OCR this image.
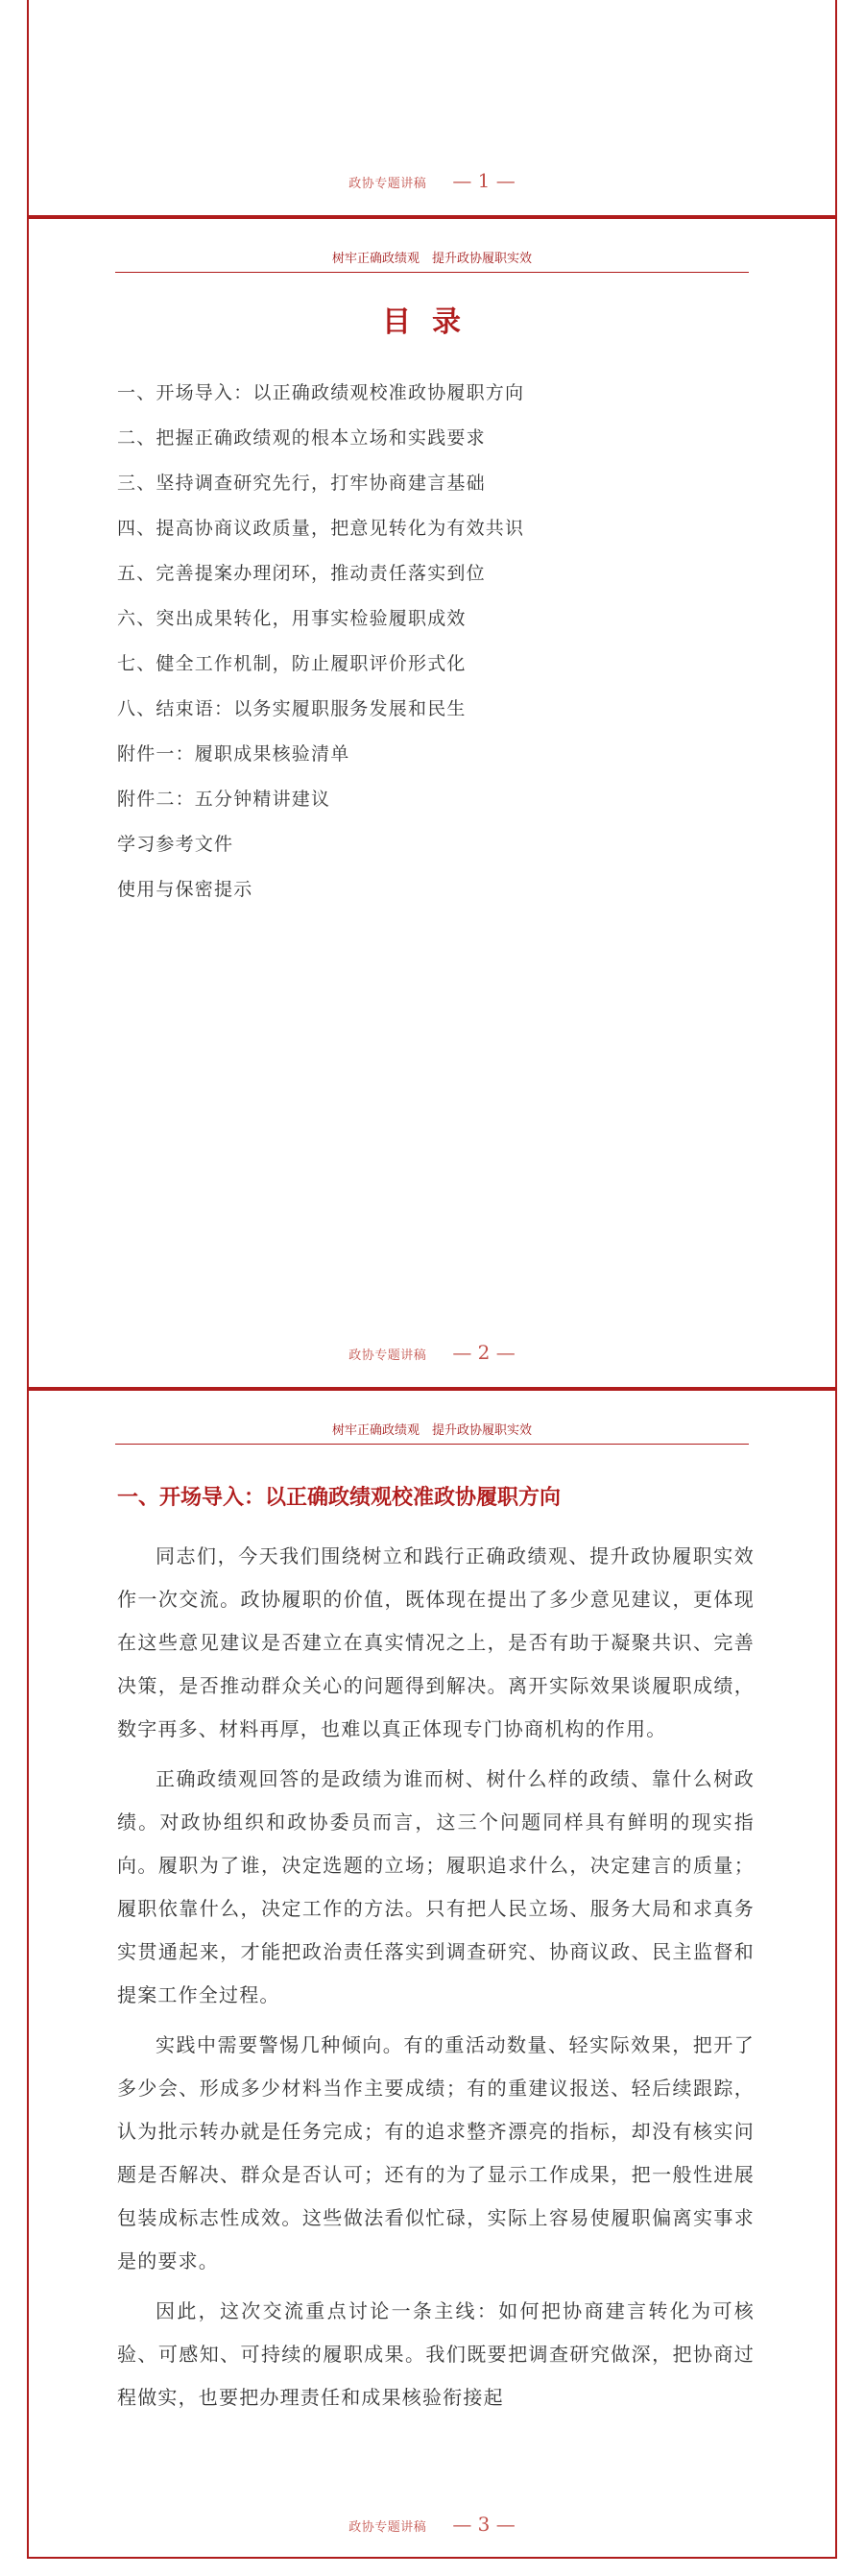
政协专题讲稿 — 1 —
树牢正确政绩观　提升政协履职实效
目录
一、开场导入：以正确政绩观校准政协履职方向
二、把握正确政绩观的根本立场和实践要求
三、坚持调查研究先行，打牢协商建言基础
四、提高协商议政质量，把意见转化为有效共识
五、完善提案办理闭环，推动责任落实到位
六、突出成果转化，用事实检验履职成效
七、健全工作机制，防止履职评价形式化
八、结束语：以务实履职服务发展和民生
附件一：履职成果核验清单
附件二：五分钟精讲建议
学习参考文件
使用与保密提示
政协专题讲稿 — 2 —
树牢正确政绩观　提升政协履职实效
一、开场导入：以正确政绩观校准政协履职方向

同志们，今天我们围绕树立和践行正确政绩观、提升政协履职实效作一次交流。政协履职的价值，既体现在提出了多少意见建议，更体现在这些意见建议是否建立在真实情况之上，是否有助于凝聚共识、完善决策，是否推动群众关心的问题得到解决。离开实际效果谈履职成绩，数字再多、材料再厚，也难以真正体现专门协商机构的作用。

正确政绩观回答的是政绩为谁而树、树什么样的政绩、靠什么树政绩。对政协组织和政协委员而言，这三个问题同样具有鲜明的现实指向。履职为了谁，决定选题的立场；履职追求什么，决定建言的质量；履职依靠什么，决定工作的方法。只有把人民立场、服务大局和求真务实贯通起来，才能把政治责任落实到调查研究、协商议政、民主监督和提案工作全过程。

实践中需要警惕几种倾向。有的重活动数量、轻实际效果，把开了多少会、形成多少材料当作主要成绩；有的重建议报送、轻后续跟踪，认为批示转办就是任务完成；有的追求整齐漂亮的指标，却没有核实问题是否解决、群众是否认可；还有的为了显示工作成果，把一般性进展包装成标志性成效。这些做法看似忙碌，实际上容易使履职偏离实事求是的要求。

因此，这次交流重点讨论一条主线：如何把协商建言转化为可核验、可感知、可持续的履职成果。我们既要把调查研究做深，把协商过程做实，也要把办理责任和成果核验衔接起

政协专题讲稿 — 3 —
